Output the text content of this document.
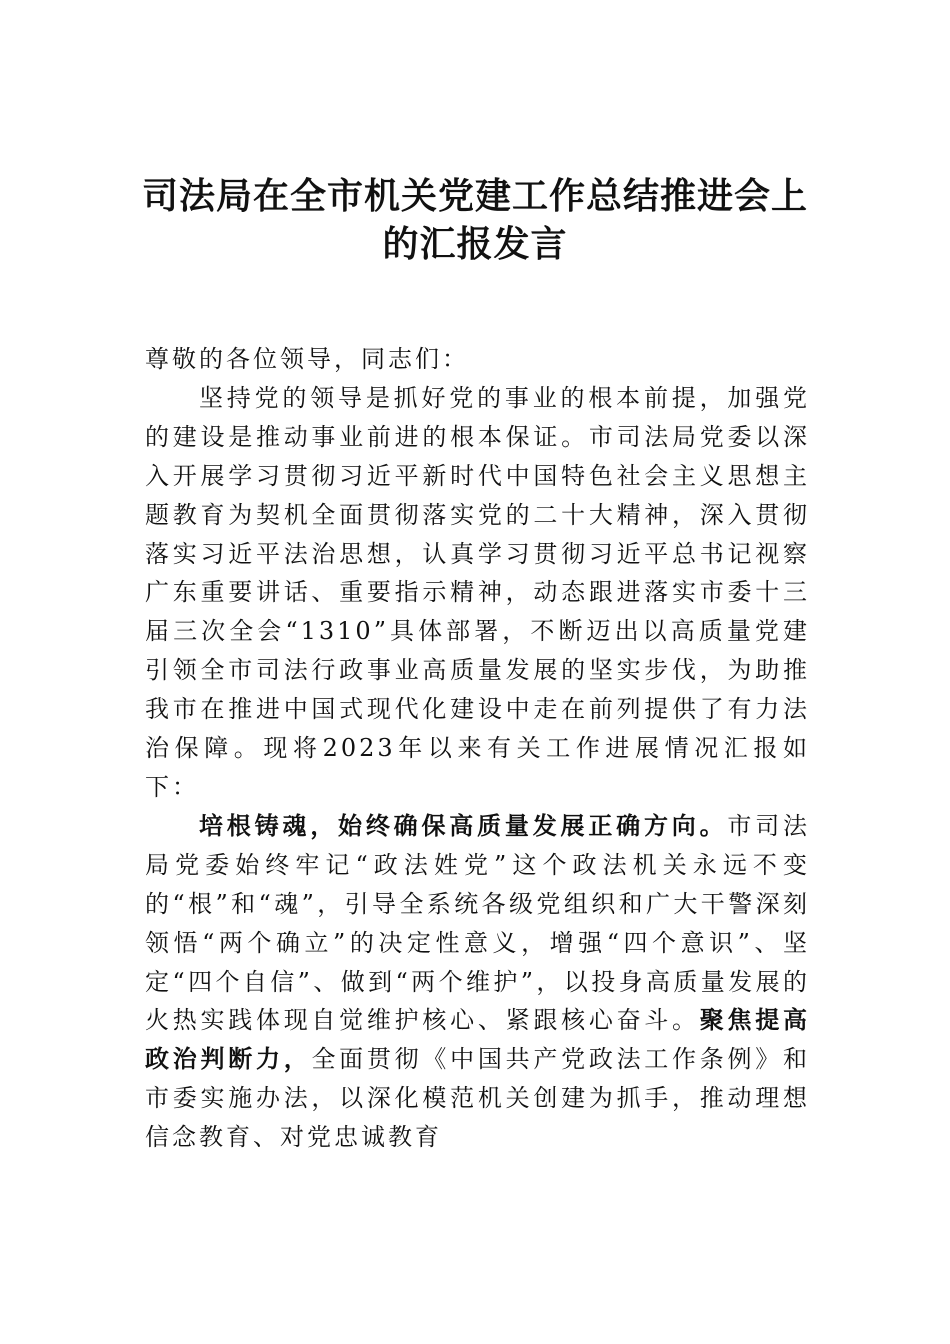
司法局在全市机关党建工作总结推进会上
的汇报发言

尊敬的各位领导，同志们：

坚持党的领导是抓好党的事业的根本前提，加强党的建设是推动事业前进的根本保证。市司法局党委以深入开展学习贯彻习近平新时代中国特色社会主义思想主题教育为契机全面贯彻落实党的二十大精神，深入贯彻落实习近平法治思想，认真学习贯彻习近平总书记视察广东重要讲话、重要指示精神，动态跟进落实市委十三届三次全会“1310”具体部署，不断迈出以高质量党建引领全市司法行政事业高质量发展的坚实步伐，为助推我市在推进中国式现代化建设中走在前列提供了有力法治保障。现将2023年以来有关工作进展情况汇报如下：

培根铸魂，始终确保高质量发展正确方向。市司法局党委始终牢记“政法姓党”这个政法机关永远不变的“根”和“魂”，引导全系统各级党组织和广大干警深刻领悟“两个确立”的决定性意义，增强“四个意识”、坚定“四个自信”、做到“两个维护”，以投身高质量发展的火热实践体现自觉维护核心、紧跟核心奋斗。聚焦提高政治判断力，全面贯彻《中国共产党政法工作条例》和市委实施办法，以深化模范机关创建为抓手，推动理想信念教育、对党忠诚教育
